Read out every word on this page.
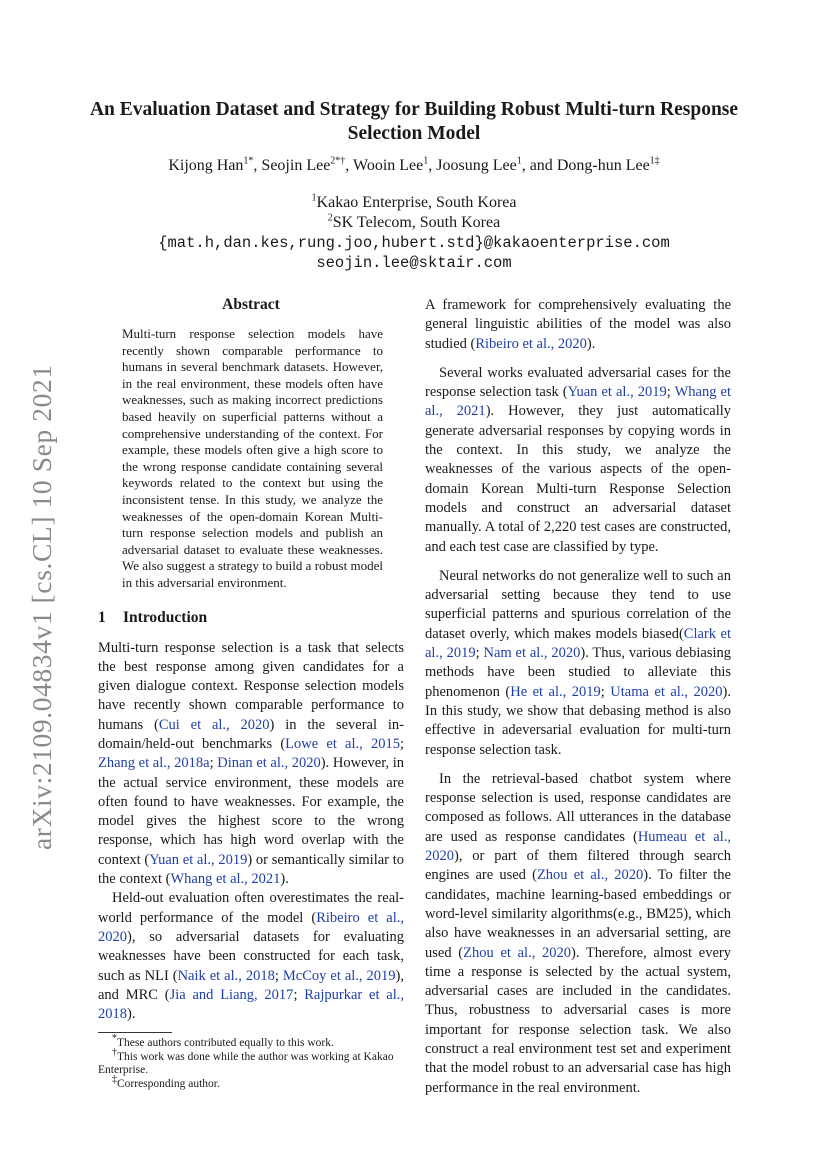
arXiv:2109.04834v1 [cs.CL] 10 Sep 2021
An Evaluation Dataset and Strategy for Building Robust Multi-turn Response Selection Model
Kijong Han$^{1*}$, Seojin Lee$^{2*\dagger}$, Wooin Lee$^1$, Joosung Lee$^1$, and Dong-hun Lee$^{1\ddagger}$
$^1$Kakao Enterprise, South Korea
$^2$SK Telecom, South Korea
{mat.h,dan.kes,rung.joo,hubert.std}@kakaoenterprise.com
seojin.lee@sktair.com
Abstract

Multi-turn response selection models have recently shown comparable performance to humans in several benchmark datasets. However, in the real environment, these models often have weaknesses, such as making incorrect predictions based heavily on superficial patterns without a comprehensive understanding of the context. For example, these models often give a high score to the wrong response candidate containing several keywords related to the context but using the inconsistent tense. In this study, we analyze the weaknesses of the open-domain Korean Multi-turn response selection models and publish an adversarial dataset to evaluate these weaknesses. We also suggest a strategy to build a robust model in this adversarial environment.

1 Introduction

Multi-turn response selection is a task that selects the best response among given candidates for a given dialogue context. Response selection models have recently shown comparable performance to humans (Cui et al., 2020) in the several in-domain/held-out benchmarks (Lowe et al., 2015; Zhang et al., 2018a; Dinan et al., 2020). However, in the actual service environment, these models are often found to have weaknesses. For example, the model gives the highest score to the wrong response, which has high word overlap with the context (Yuan et al., 2019) or semantically similar to the context (Whang et al., 2021).

Held-out evaluation often overestimates the real-world performance of the model (Ribeiro et al., 2020), so adversarial datasets for evaluating weaknesses have been constructed for each task, such as NLI (Naik et al., 2018; McCoy et al., 2019), and MRC (Jia and Liang, 2017; Rajpurkar et al., 2018).

*These authors contributed equally to this work.

†This work was done while the author was working at Kakao Enterprise.

‡Corresponding author.

A framework for comprehensively evaluating the general linguistic abilities of the model was also studied (Ribeiro et al., 2020).

Several works evaluated adversarial cases for the response selection task (Yuan et al., 2019; Whang et al., 2021). However, they just automatically generate adversarial responses by copying words in the context. In this study, we analyze the weaknesses of the various aspects of the open-domain Korean Multi-turn Response Selection models and construct an adversarial dataset manually. A total of 2,220 test cases are constructed, and each test case are classified by type.

Neural networks do not generalize well to such an adversarial setting because they tend to use superficial patterns and spurious correlation of the dataset overly, which makes models biased(Clark et al., 2019; Nam et al., 2020). Thus, various debiasing methods have been studied to alleviate this phenomenon (He et al., 2019; Utama et al., 2020). In this study, we show that debasing method is also effective in adeversarial evaluation for multi-turn response selection task.

In the retrieval-based chatbot system where response selection is used, response candidates are composed as follows. All utterances in the database are used as response candidates (Humeau et al., 2020), or part of them filtered through search engines are used (Zhou et al., 2020). To filter the candidates, machine learning-based embeddings or word-level similarity algorithms(e.g., BM25), which also have weaknesses in an adversarial setting, are used (Zhou et al., 2020). Therefore, almost every time a response is selected by the actual system, adversarial cases are included in the candidates. Thus, robustness to adversarial cases is more important for response selection task. We also construct a real environment test set and experiment that the model robust to an adversarial case has high performance in the real environment.
